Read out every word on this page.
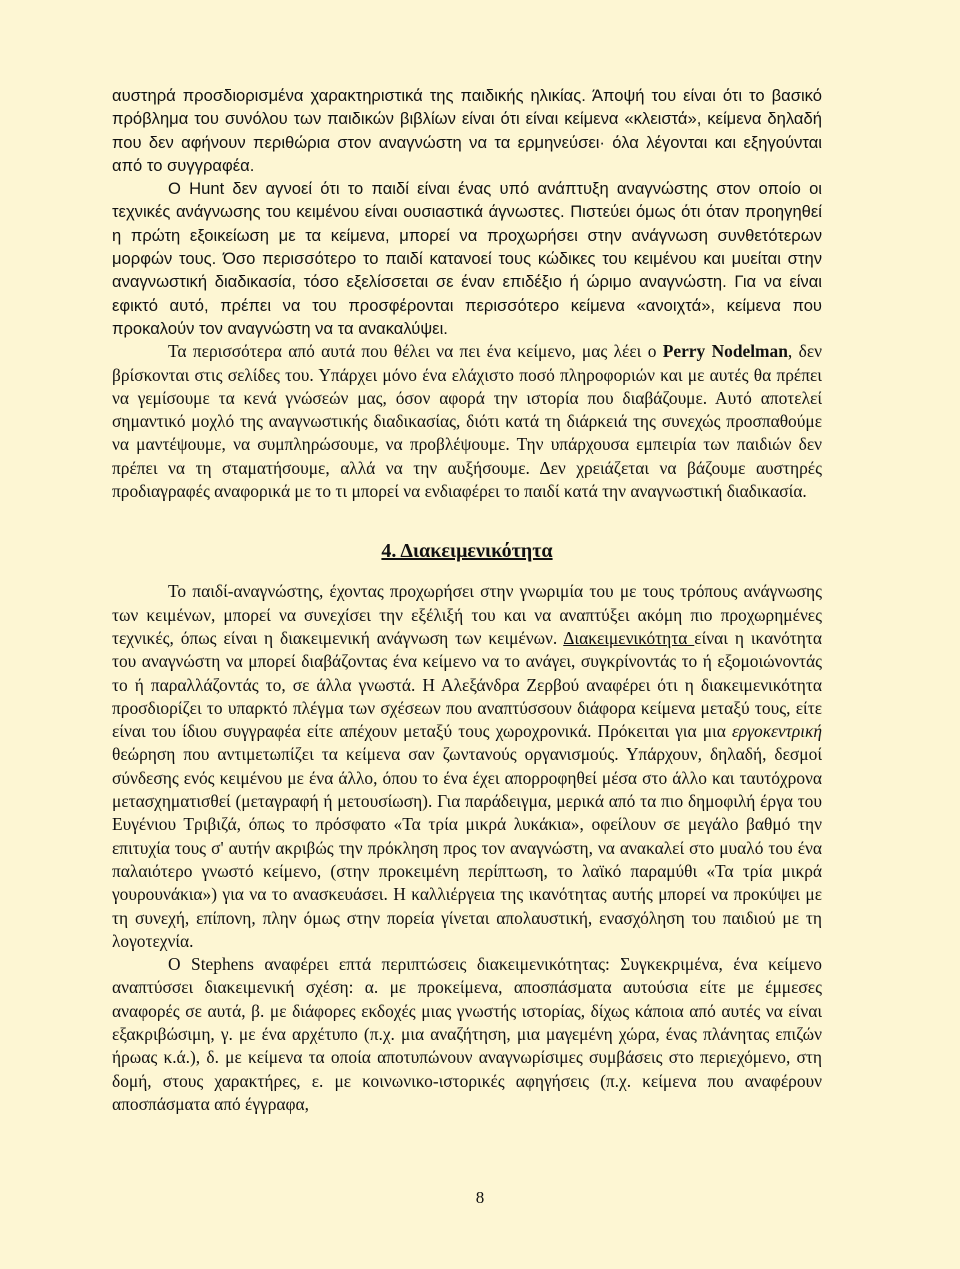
αυστηρά προσδιορισμένα χαρακτηριστικά της παιδικής ηλικίας. Άποψή του είναι ότι το βασικό πρόβλημα του συνόλου των παιδικών βιβλίων είναι ότι είναι κείμενα «κλειστά», κείμενα δηλαδή που δεν αφήνουν περιθώρια στον αναγνώστη να τα ερμηνεύσει· όλα λέγονται και εξηγούνται από το συγγραφέα.

Ο Hunt δεν αγνοεί ότι το παιδί είναι ένας υπό ανάπτυξη αναγνώστης στον οποίο οι τεχνικές ανάγνωσης του κειμένου είναι ουσιαστικά άγνωστες. Πιστεύει όμως ότι όταν προηγηθεί η πρώτη εξοικείωση με τα κείμενα, μπορεί να προχωρήσει στην ανάγνωση συνθετότερων μορφών τους. Όσο περισσότερο το παιδί κατανοεί τους κώδικες του κειμένου και μυείται στην αναγνωστική διαδικασία, τόσο εξελίσσεται σε έναν επιδέξιο ή ώριμο αναγνώστη. Για να είναι εφικτό αυτό, πρέπει να του προσφέρονται περισσότερο κείμενα «ανοιχτά», κείμενα που προκαλούν τον αναγνώστη να τα ανακαλύψει.

Τα περισσότερα από αυτά που θέλει να πει ένα κείμενο, μας λέει ο Perry Nodelman, δεν βρίσκονται στις σελίδες του. Υπάρχει μόνο ένα ελάχιστο ποσό πληροφοριών και με αυτές θα πρέπει να γεμίσουμε τα κενά γνώσεών μας, όσον αφορά την ιστορία που διαβάζουμε. Αυτό αποτελεί σημαντικό μοχλό της αναγνωστικής διαδικασίας, διότι κατά τη διάρκειά της συνεχώς προσπαθούμε να μαντέψουμε, να συμπληρώσουμε, να προβλέψουμε. Την υπάρχουσα εμπειρία των παιδιών δεν πρέπει να τη σταματήσουμε, αλλά να την αυξήσουμε. Δεν χρειάζεται να βάζουμε αυστηρές προδιαγραφές αναφορικά με το τι μπορεί να ενδιαφέρει το παιδί κατά την αναγνωστική διαδικασία.

4. Διακειμενικότητα

Το παιδί-αναγνώστης, έχοντας προχωρήσει στην γνωριμία του με τους τρόπους ανάγνωσης των κειμένων, μπορεί να συνεχίσει την εξέλιξή του και να αναπτύξει ακόμη πιο προχωρημένες τεχνικές, όπως είναι η διακειμενική ανάγνωση των κειμένων. Διακειμενικότητα είναι η ικανότητα του αναγνώστη να μπορεί διαβάζοντας ένα κείμενο να το ανάγει, συγκρίνοντάς το ή εξομοιώνοντάς το ή παραλλάζοντάς το, σε άλλα γνωστά. Η Αλεξάνδρα Ζερβού αναφέρει ότι η διακειμενικότητα προσδιορίζει το υπαρκτό πλέγμα των σχέσεων που αναπτύσσουν διάφορα κείμενα μεταξύ τους, είτε είναι του ίδιου συγγραφέα είτε απέχουν μεταξύ τους χωροχρονικά. Πρόκειται για μια εργοκεντρική θεώρηση που αντιμετωπίζει τα κείμενα σαν ζωντανούς οργανισμούς. Υπάρχουν, δηλαδή, δεσμοί σύνδεσης ενός κειμένου με ένα άλλο, όπου το ένα έχει απορροφηθεί μέσα στο άλλο και ταυτόχρονα μετασχηματισθεί (μεταγραφή ή μετουσίωση). Για παράδειγμα, μερικά από τα πιο δημοφιλή έργα του Ευγένιου Τριβιζά, όπως το πρόσφατο «Τα τρία μικρά λυκάκια», οφείλουν σε μεγάλο βαθμό την επιτυχία τους σ' αυτήν ακριβώς την πρόκληση προς τον αναγνώστη, να ανακαλεί στο μυαλό του ένα παλαιότερο γνωστό κείμενο, (στην προκειμένη περίπτωση, το λαϊκό παραμύθι «Τα τρία μικρά γουρουνάκια») για να το ανασκευάσει. Η καλλιέργεια της ικανότητας αυτής μπορεί να προκύψει με τη συνεχή, επίπονη, πλην όμως στην πορεία γίνεται απολαυστική, ενασχόληση του παιδιού με τη λογοτεχνία.

Ο Stephens αναφέρει επτά περιπτώσεις διακειμενικότητας: Συγκεκριμένα, ένα κείμενο αναπτύσσει διακειμενική σχέση: α. με προκείμενα, αποσπάσματα αυτούσια είτε με έμμεσες αναφορές σε αυτά, β. με διάφορες εκδοχές μιας γνωστής ιστορίας, δίχως κάποια από αυτές να είναι εξακριβώσιμη, γ. με ένα αρχέτυπο (π.χ. μια αναζήτηση, μια μαγεμένη χώρα, ένας πλάνητας επιζών ήρωας κ.ά.), δ. με κείμενα τα οποία αποτυπώνουν αναγνωρίσιμες συμβάσεις στο περιεχόμενο, στη δομή, στους χαρακτήρες, ε. με κοινωνικο-ιστορικές αφηγήσεις (π.χ. κείμενα που αναφέρουν αποσπάσματα από έγγραφα,

8
